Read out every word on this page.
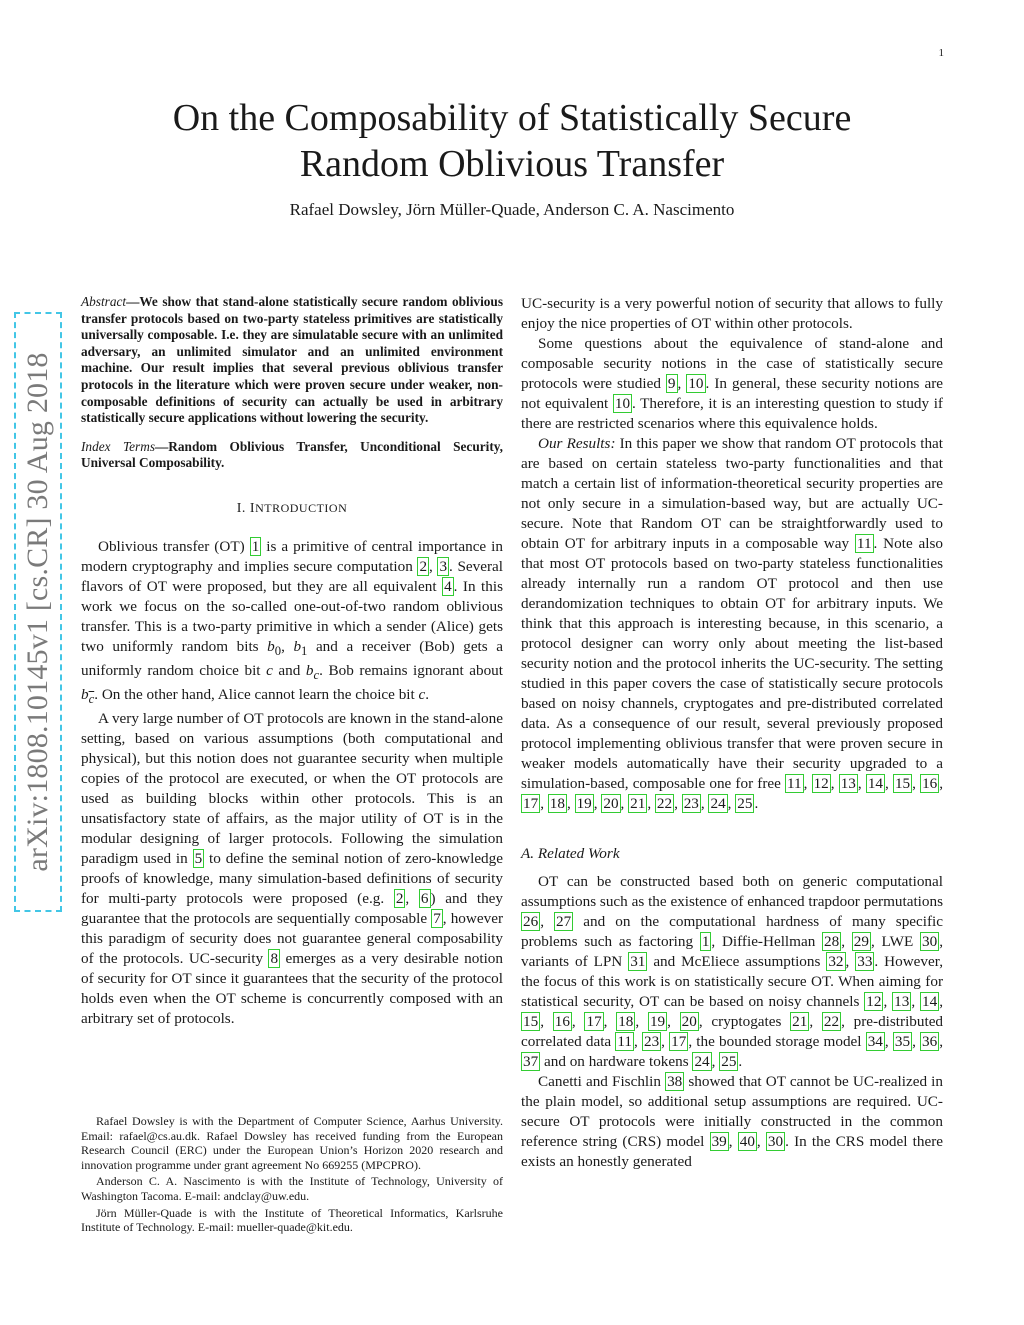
1
arXiv:1808.10145v1 [cs.CR] 30 Aug 2018
On the Composability of Statistically Secure
Random Oblivious Transfer
Rafael Dowsley, Jörn Müller-Quade, Anderson C. A. Nascimento

Abstract—We show that stand-alone statistically secure random oblivious transfer protocols based on two-party stateless primitives are statistically universally composable. I.e. they are simulatable secure with an unlimited adversary, an unlimited simulator and an unlimited environment machine. Our result implies that several previous oblivious transfer protocols in the literature which were proven secure under weaker, non-composable definitions of security can actually be used in arbitrary statistically secure applications without lowering the security.

Index Terms—Random Oblivious Transfer, Unconditional Security, Universal Composability.

I. INTRODUCTION

Oblivious transfer (OT) 1 is a primitive of central importance in modern cryptography and implies secure computation 2 , 3 . Several flavors of OT were proposed, but they are all equivalent 4 . In this work we focus on the so-called one-out-of-two random oblivious transfer. This is a two-party primitive in which a sender (Alice) gets two uniformly random bits $b_0$, $b_1$ and a receiver (Bob) gets a uniformly random choice bit c and $b_c$. Bob remains ignorant about $b_{\overline{c}}$. On the other hand, Alice cannot learn the choice bit c.

A very large number of OT protocols are known in the stand-alone setting, based on various assumptions (both computational and physical), but this notion does not guarantee security when multiple copies of the protocol are executed, or when the OT protocols are used as building blocks within other protocols. This is an unsatisfactory state of affairs, as the major utility of OT is in the modular designing of larger protocols. Following the simulation paradigm used in 5 to define the seminal notion of zero-knowledge proofs of knowledge, many simulation-based definitions of security for multi-party protocols were proposed (e.g. 2 , 6 ) and they guarantee that the protocols are sequentially composable 7 , however this paradigm of security does not guarantee general composability of the protocols. UC-security 8 emerges as a very desirable notion of security for OT since it guarantees that the security of the protocol holds even when the OT scheme is concurrently composed with an arbitrary set of protocols.

Rafael Dowsley is with the Department of Computer Science, Aarhus University. Email: rafael@cs.au.dk. Rafael Dowsley has received funding from the European Research Council (ERC) under the European Union’s Horizon 2020 research and innovation programme under grant agreement No 669255 (MPCPRO).

Anderson C. A. Nascimento is with the Institute of Technology, University of Washington Tacoma. E-mail: andclay@uw.edu.

Jörn Müller-Quade is with the Institute of Theoretical Informatics, Karlsruhe Institute of Technology. E-mail: mueller-quade@kit.edu.

UC-security is a very powerful notion of security that allows to fully enjoy the nice properties of OT within other protocols.

Some questions about the equivalence of stand-alone and composable security notions in the case of statistically secure protocols were studied 9 , 10 . In general, these security notions are not equivalent 10 . Therefore, it is an interesting question to study if there are restricted scenarios where this equivalence holds.

Our Results: In this paper we show that random OT protocols that are based on certain stateless two-party functionalities and that match a certain list of information-theoretical security properties are not only secure in a simulation-based way, but are actually UC-secure. Note that Random OT can be straightforwardly used to obtain OT for arbitrary inputs in a composable way 11 . Note also that most OT protocols based on two-party stateless functionalities already internally run a random OT protocol and then use derandomization techniques to obtain OT for arbitrary inputs. We think that this approach is interesting because, in this scenario, a protocol designer can worry only about meeting the list-based security notion and the protocol inherits the UC-security. The setting studied in this paper covers the case of statistically secure protocols based on noisy channels, cryptogates and pre-distributed correlated data. As a consequence of our result, several previously proposed protocol implementing oblivious transfer that were proven secure in weaker models automatically have their security upgraded to a simulation-based, composable one for free 11 , 12 , 13 , 14 , 15 , 16 , 17 , 18 , 19 , 20 , 21 , 22 , 23 , 24 , 25 .

A. Related Work

OT can be constructed based both on generic computational assumptions such as the existence of enhanced trapdoor permutations 26 , 27 and on the computational hardness of many specific problems such as factoring 1 , Diffie-Hellman 28 , 29 , LWE 30 , variants of LPN 31 and McEliece assumptions 32 , 33 . However, the focus of this work is on statistically secure OT. When aiming for statistical security, OT can be based on noisy channels 12 , 13 , 14 , 15 , 16 , 17 , 18 , 19 , 20 , cryptogates 21 , 22 , pre-distributed correlated data 11 , 23 , 17 , the bounded storage model 34 , 35 , 36 , 37 and on hardware tokens 24 , 25 .

Canetti and Fischlin 38 showed that OT cannot be UC-realized in the plain model, so additional setup assumptions are required. UC-secure OT protocols were initially constructed in the common reference string (CRS) model 39 , 40 , 30 . In the CRS model there exists an honestly generated
